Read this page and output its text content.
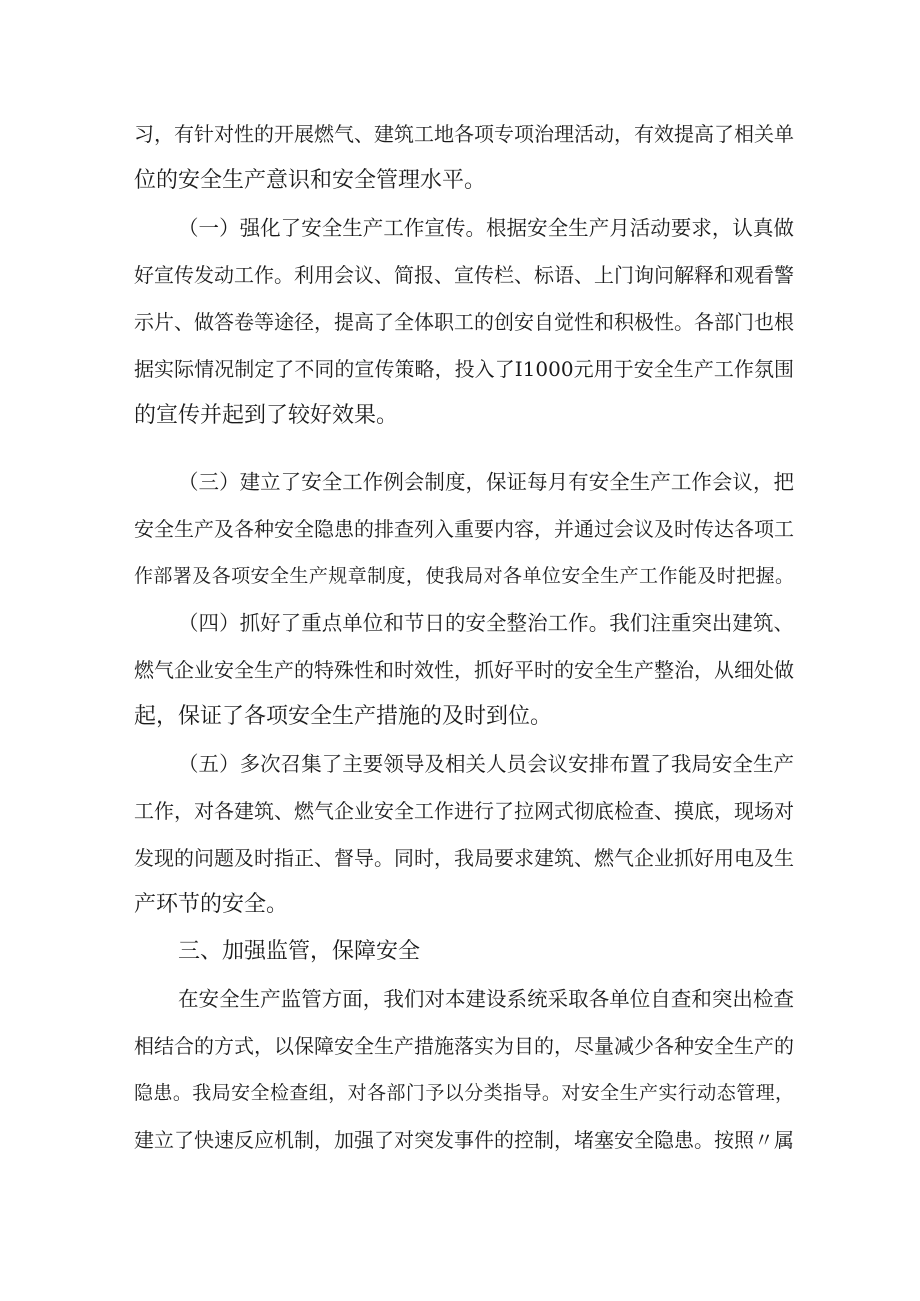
习，有针对性的开展燃气、建筑工地各项专项治理活动，有效提高了相关单
位的安全生产意识和安全管理水平。
（一）强化了安全生产工作宣传。根据安全生产月活动要求，认真做
好宣传发动工作。利用会议、简报、宣传栏、标语、上门询问解释和观看警
示片、做答卷等途径，提高了全体职工的创安自觉性和积极性。各部门也根
据实际情况制定了不同的宣传策略，投入了I1000元用于安全生产工作氛围
的宣传并起到了较好效果。
（三）建立了安全工作例会制度，保证每月有安全生产工作会议，把
安全生产及各种安全隐患的排查列入重要内容，并通过会议及时传达各项工
作部署及各项安全生产规章制度，使我局对各单位安全生产工作能及时把握。
（四）抓好了重点单位和节日的安全整治工作。我们注重突出建筑、
燃气企业安全生产的特殊性和时效性，抓好平时的安全生产整治，从细处做
起，保证了各项安全生产措施的及时到位。
（五）多次召集了主要领导及相关人员会议安排布置了我局安全生产
工作，对各建筑、燃气企业安全工作进行了拉网式彻底检查、摸底，现场对
发现的问题及时指正、督导。同时，我局要求建筑、燃气企业抓好用电及生
产环节的安全。
三、加强监管，保障安全
在安全生产监管方面，我们对本建设系统采取各单位自查和突出检查
相结合的方式，以保障安全生产措施落实为目的，尽量减少各种安全生产的
隐患。我局安全检查组，对各部门予以分类指导。对安全生产实行动态管理，
建立了快速反应机制，加强了对突发事件的控制，堵塞安全隐患。按照〃属
